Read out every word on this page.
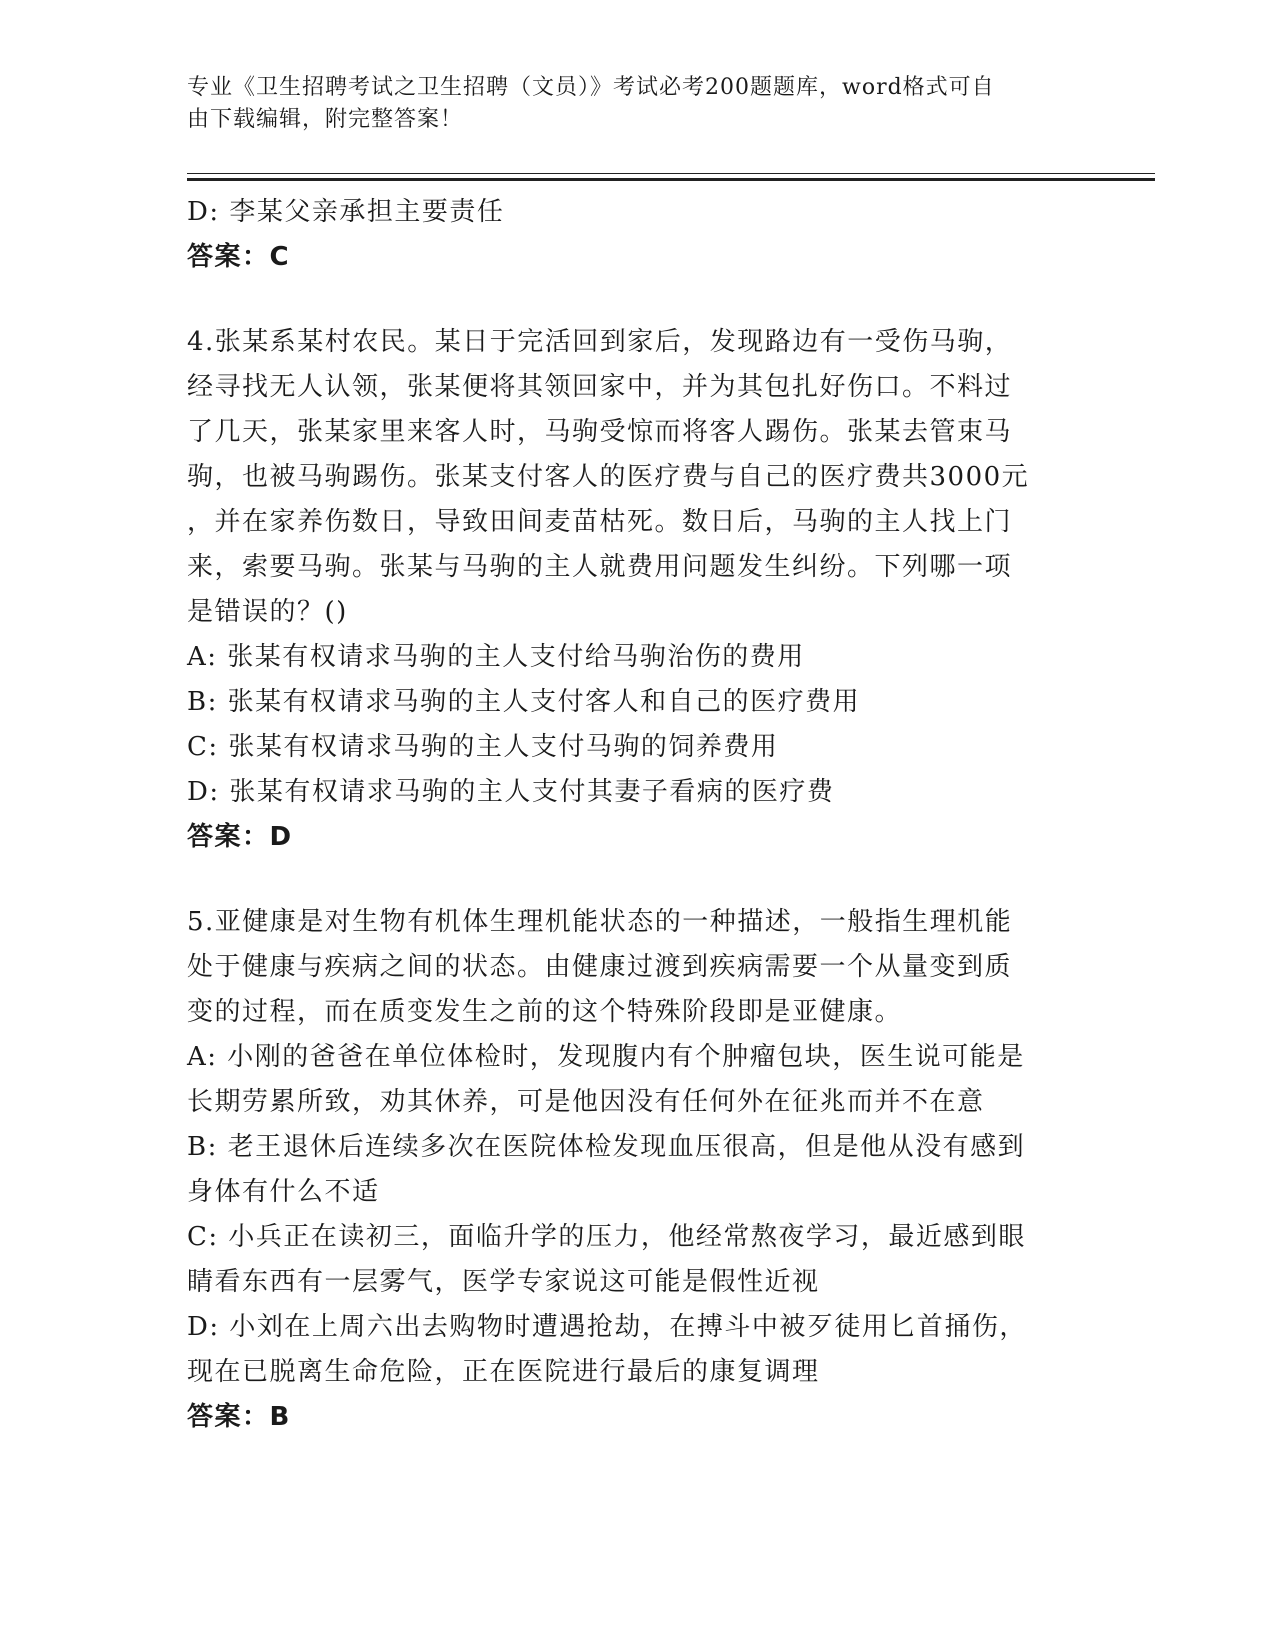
专业《卫生招聘考试之卫生招聘（文员）》考试必考200题题库，word格式可自
由下载编辑，附完整答案！
D: 李某父亲承担主要责任
答案：C
4.张某系某村农民。某日于完活回到家后，发现路边有一受伤马驹，
经寻找无人认领，张某便将其领回家中，并为其包扎好伤口。不料过
了几天，张某家里来客人时，马驹受惊而将客人踢伤。张某去管束马
驹，也被马驹踢伤。张某支付客人的医疗费与自己的医疗费共3000元
，并在家养伤数日，导致田间麦苗枯死。数日后，马驹的主人找上门
来，索要马驹。张某与马驹的主人就费用问题发生纠纷。下列哪一项
是错误的？()
A: 张某有权请求马驹的主人支付给马驹治伤的费用
B: 张某有权请求马驹的主人支付客人和自己的医疗费用
C: 张某有权请求马驹的主人支付马驹的饲养费用
D: 张某有权请求马驹的主人支付其妻子看病的医疗费
答案：D
5.亚健康是对生物有机体生理机能状态的一种描述，一般指生理机能
处于健康与疾病之间的状态。由健康过渡到疾病需要一个从量变到质
变的过程，而在质变发生之前的这个特殊阶段即是亚健康。
A: 小刚的爸爸在单位体检时，发现腹内有个肿瘤包块，医生说可能是
长期劳累所致，劝其休养，可是他因没有任何外在征兆而并不在意
B: 老王退休后连续多次在医院体检发现血压很高，但是他从没有感到
身体有什么不适
C: 小兵正在读初三，面临升学的压力，他经常熬夜学习，最近感到眼
睛看东西有一层雾气，医学专家说这可能是假性近视
D: 小刘在上周六出去购物时遭遇抢劫，在搏斗中被歹徒用匕首捅伤，
现在已脱离生命危险，正在医院进行最后的康复调理
答案：B
